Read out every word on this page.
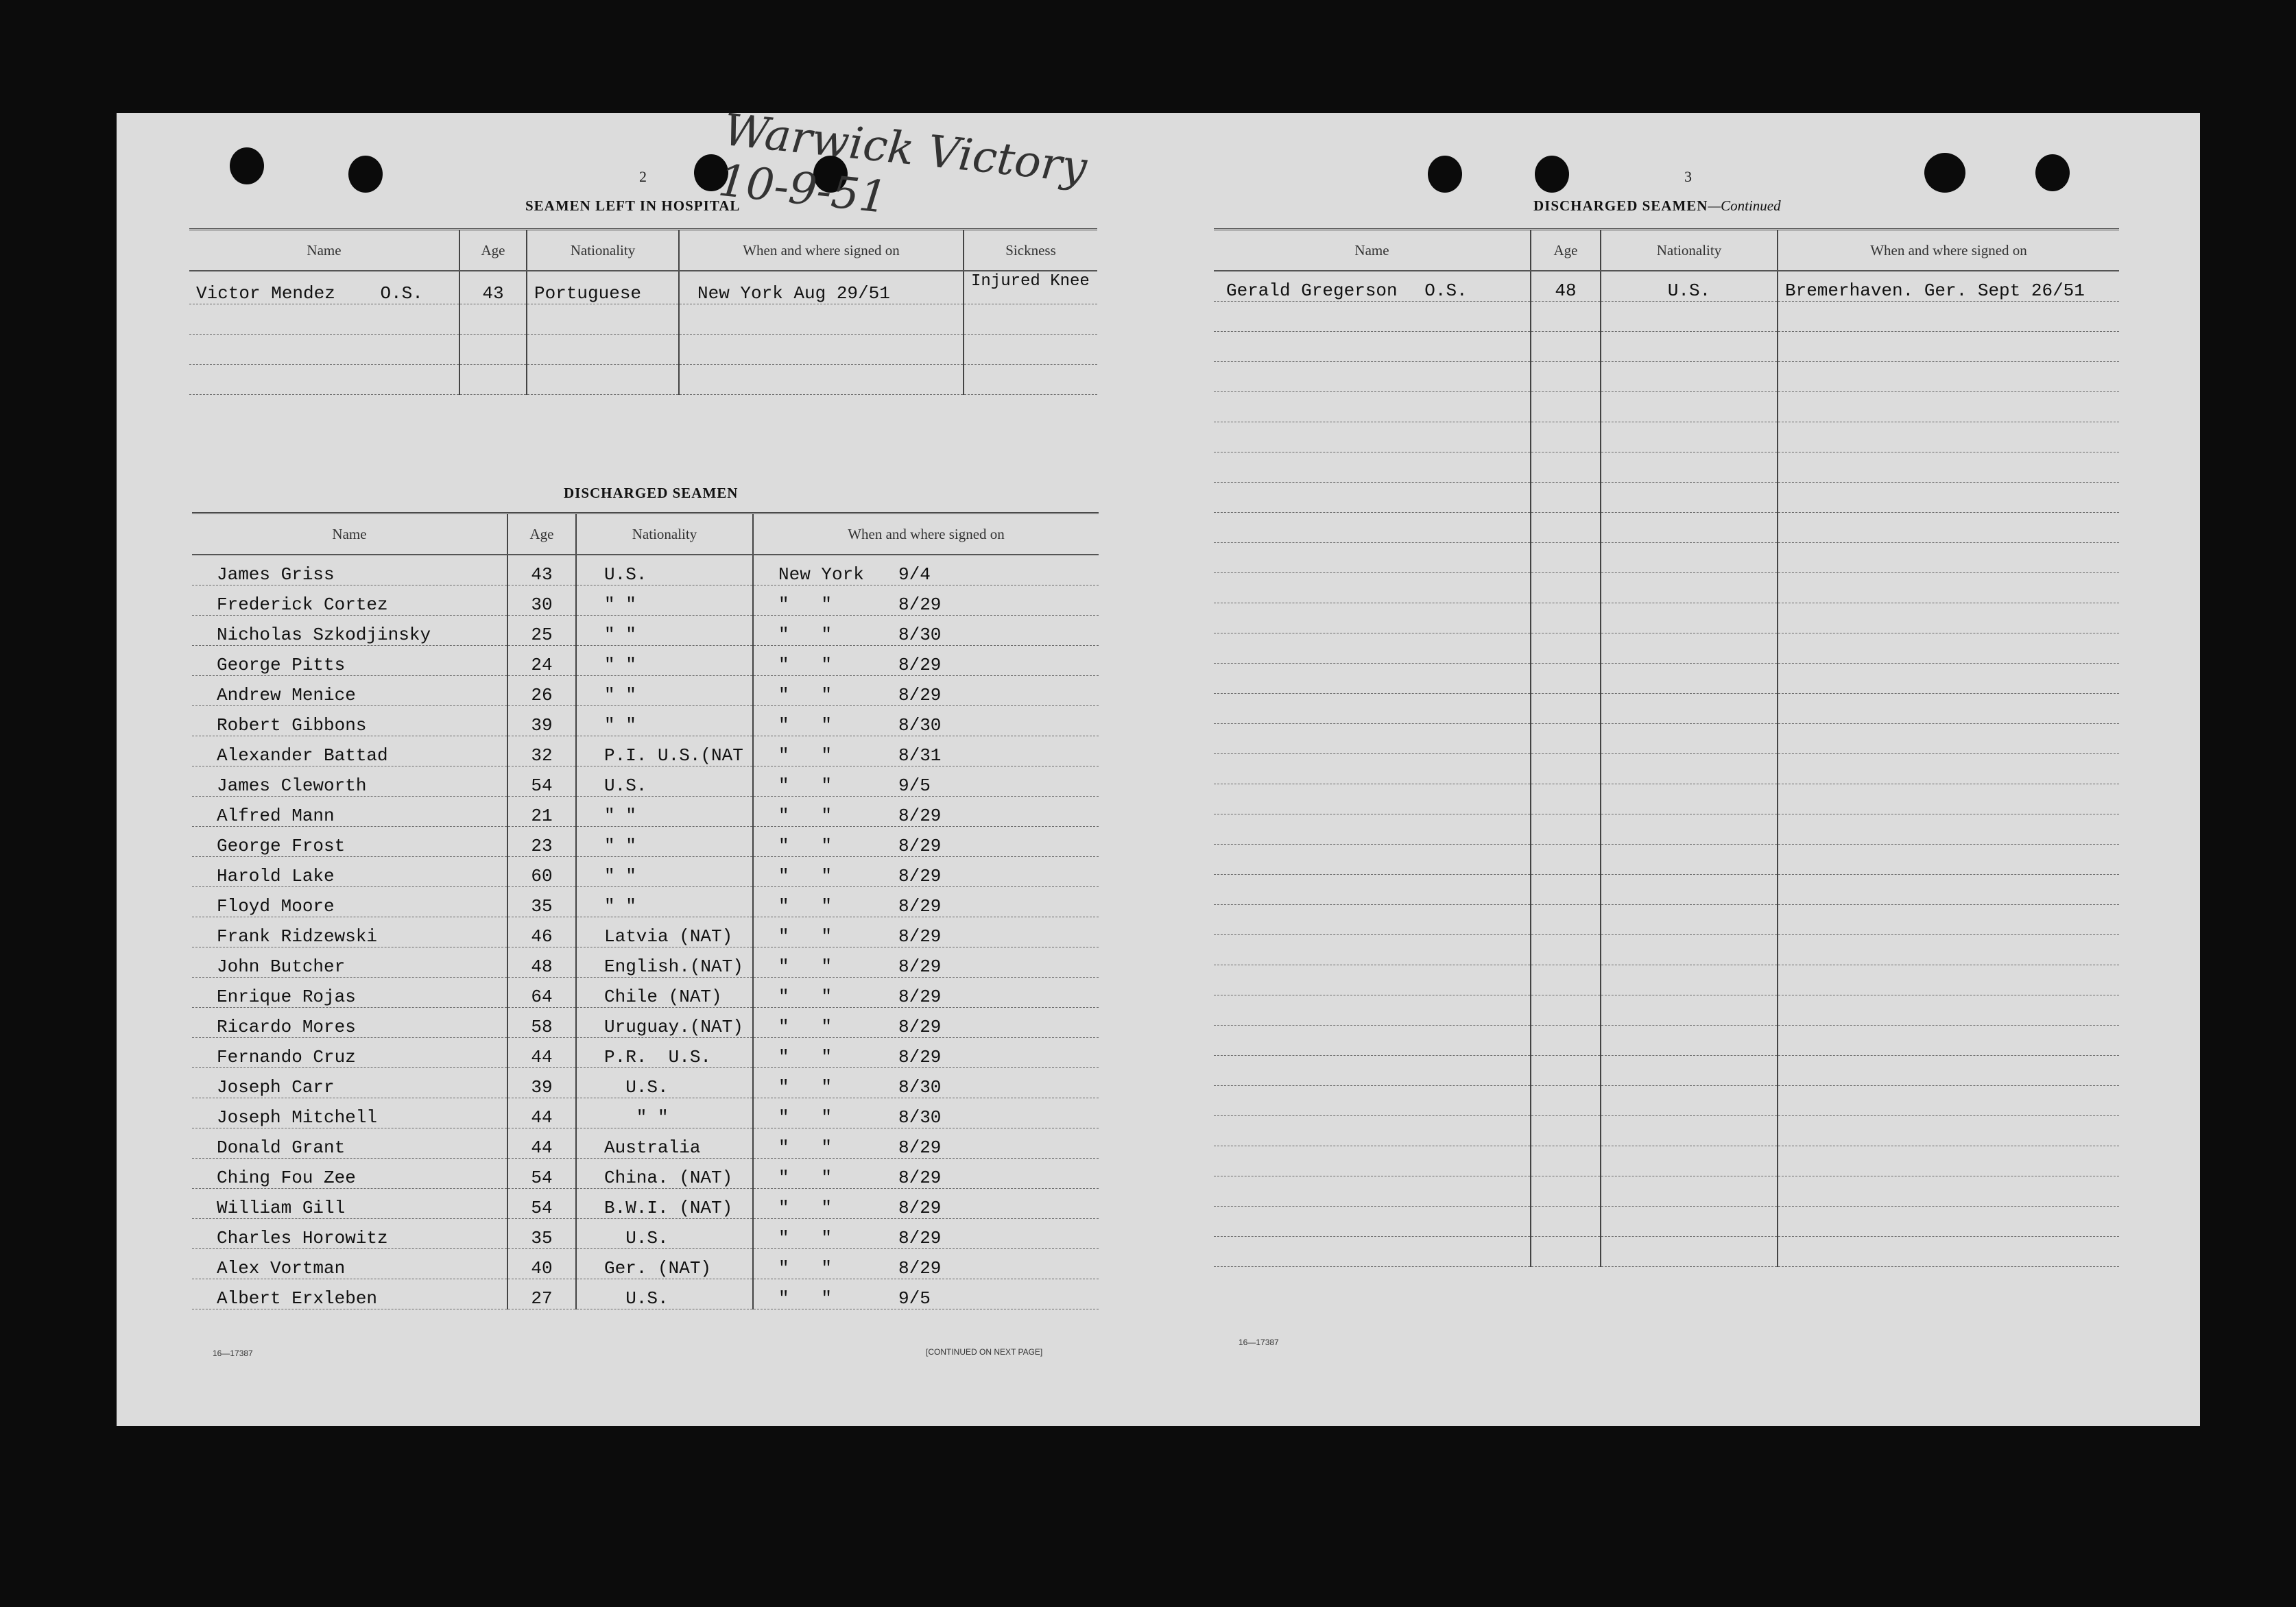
2 Warwick Victory 10-9-51
SEAMEN LEFT IN HOSPITAL
Name	Age	Nationality	When and where signed on	Sickness
Victor Mendez O.S.	43	Portuguese	New York Aug 29/51	Injured Knee

DISCHARGED SEAMEN
Name	Age	Nationality	When and where signed on
James Griss	43	U.S.	New York 9/4
Frederick Cortez	30	" "	"   " 8/29
Nicholas Szkodjinsky	25	" "	"   " 8/30
George Pitts	24	" "	"   " 8/29
Andrew Menice	26	" "	"   " 8/29
Robert Gibbons	39	" "	"   " 8/30
Alexander Battad	32	P.I. U.S.(NAT	"   " 8/31
James Cleworth	54	U.S.	"   " 9/5
Alfred Mann	21	" "	"   " 8/29
George Frost	23	" "	"   " 8/29
Harold Lake	60	" "	"   " 8/29
Floyd Moore	35	" "	"   " 8/29
Frank Ridzewski	46	Latvia (NAT)	"   " 8/29
John Butcher	48	English.(NAT)	"   " 8/29
Enrique Rojas	64	Chile (NAT)	"   " 8/29
Ricardo Mores	58	Uruguay.(NAT)	"   " 8/29
Fernando Cruz	44	P.R.  U.S.	"   " 8/29
Joseph Carr	39	U.S.	"   " 8/30
Joseph Mitchell	44	" "	"   " 8/30
Donald Grant	44	Australia	"   " 8/29
Ching Fou Zee	54	China. (NAT)	"   " 8/29
William Gill	54	B.W.I. (NAT)	"   " 8/29
Charles Horowitz	35	U.S.	"   " 8/29
Alex Vortman	40	Ger. (NAT)	"   " 8/29
Albert Erxleben	27	U.S.	"   " 9/5
16—17387	[CONTINUED ON NEXT PAGE]
3
DISCHARGED SEAMEN—Continued
Name	Age	Nationality	When and where signed on
Gerald Gregerson O.S.	48	U.S.	Bremerhaven. Ger. Sept 26/51

16—17387
